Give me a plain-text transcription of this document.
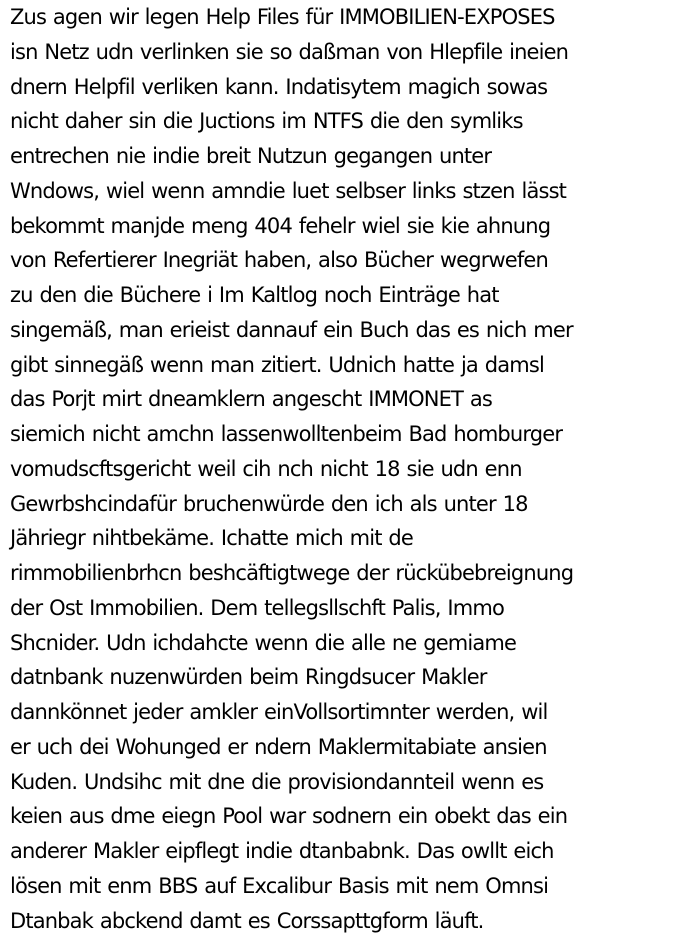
Zus agen wir legen Help Files für IMMOBILIEN-EXPOSES
isn Netz udn verlinken sie so daßman von Hlepfile ineien
dnern Helpfil verliken kann. Indatisytem magich sowas
nicht daher sin die Juctions im NTFS die den symliks
entrechen nie indie breit Nutzun gegangen unter
Wndows, wiel wenn amndie luet selbser links stzen lässt
bekommt manjde meng 404 fehelr wiel sie kie ahnung
von Refertierer Inegriät haben, also Bücher wegrwefen
zu den die Büchere i Im Kaltlog noch Einträge hat
singemäß, man erieist dannauf ein Buch das es nich mer
gibt sinnegäß wenn man zitiert. Udnich hatte ja damsl
das Porjt mirt dneamklern angescht IMMONET as
siemich nicht amchn lassenwolltenbeim Bad homburger
vomudscftsgericht weil cih nch nicht 18 sie udn enn
Gewrbshcindafür bruchenwürde den ich als unter 18
Jähriegr nihtbekäme. Ichatte mich mit de
rimmobilienbrhcn beshcäftigtwege der rückübebreignung
der Ost Immobilien. Dem tellegsllschft Palis, Immo
Shcnider. Udn ichdahcte wenn die alle ne gemiame
datnbank nuzenwürden beim Ringdsucer Makler
dannkönnet jeder amkler einVollsortimnter werden, wil
er uch dei Wohunged er ndern Maklermitabiate ansien
Kuden. Undsihc mit dne die provisiondannteil wenn es
keien aus dme eiegn Pool war sodnern ein obekt das ein
anderer Makler eipflegt indie dtanbabnk. Das owllt eich
lösen mit enm BBS auf Excalibur Basis mit nem Omnsi
Dtanbak abckend damt es Corssapttgform läuft.
